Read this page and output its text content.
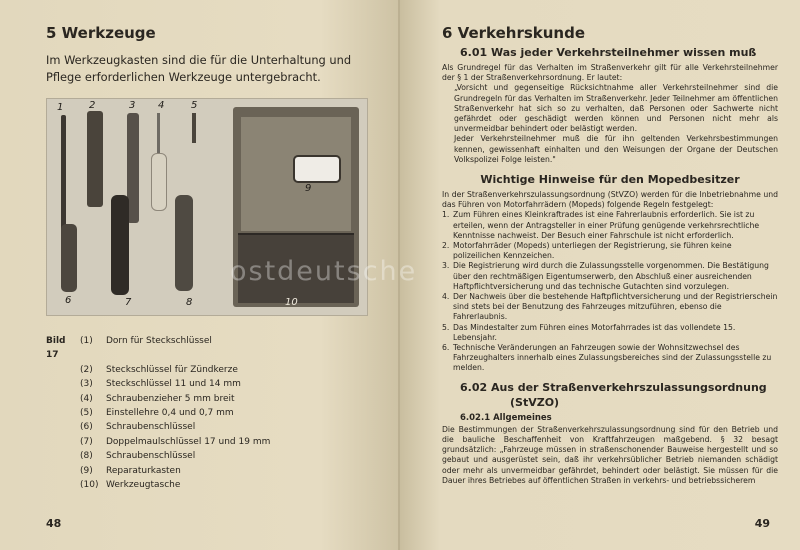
5 Werkzeuge

Im Werkzeugkasten sind die für die Unterhaltung und Pflege erforderlichen Werkzeuge untergebracht.

1	2	3 4	5
6	7	8
9
10
Bild 17
(1)	Dorn für Steckschlüssel
(2)	Steckschlüssel für Zündkerze
(3)	Steckschlüssel 11 und 14 mm
(4)	Schraubenzieher 5 mm breit
(5)	Einstellehre 0,4 und 0,7 mm
(6)	Schraubenschlüssel
(7)	Doppelmaulschlüssel 17 und 19 mm
(8)	Schraubenschlüssel
(9)	Reparaturkasten
(10) Werkzeugtasche
48
6 Verkehrskunde
6.01 Was jeder Verkehrsteilnehmer wissen muß

Als Grundregel für das Verhalten im Straßenverkehr gilt für alle Verkehrsteilnehmer der § 1 der Straßenverkehrsordnung. Er lautet:

„Vorsicht und gegenseitige Rücksichtnahme aller Verkehrsteilnehmer sind die Grundregeln für das Verhalten im Straßenverkehr. Jeder Teilnehmer am öffentlichen Straßenverkehr hat sich so zu verhalten, daß Personen oder Sachwerte nicht gefährdet oder geschädigt werden können und Personen nicht mehr als unvermeidbar behindert oder belästigt werden.

Jeder Verkehrsteilnehmer muß die für ihn geltenden Verkehrsbestimmungen kennen, gewissenhaft einhalten und den Weisungen der Organe der Deutschen Volkspolizei Folge leisten."

Wichtige Hinweise für den Mopedbesitzer

In der Straßenverkehrszulassungsordnung (StVZO) werden für die Inbetriebnahme und das Führen von Motorfahrrädern (Mopeds) folgende Regeln festgelegt:

1. Zum Führen eines Kleinkraftrades ist eine Fahrerlaubnis erforderlich. Sie ist zu erteilen, wenn der Antragsteller in einer Prüfung genügende verkehrsrechtliche Kenntnisse nachweist. Der Besuch einer Fahrschule ist nicht erforderlich.
2. Motorfahrräder (Mopeds) unterliegen der Registrierung, sie führen keine polizeilichen Kennzeichen.
3. Die Registrierung wird durch die Zulassungsstelle vorgenommen. Die Bestätigung über den rechtmäßigen Eigentumserwerb, den Abschluß einer ausreichenden Haftpflichtversicherung und das technische Gutachten sind vorzulegen.
4. Der Nachweis über die bestehende Haftpflichtversicherung und der Registrierschein sind stets bei der Benutzung des Fahrzeuges mitzuführen, ebenso die Fahrerlaubnis.
5. Das Mindestalter zum Führen eines Motorfahrrades ist das vollendete 15. Lebensjahr.
6. Technische Veränderungen an Fahrzeugen sowie der Wohnsitzwechsel des Fahrzeughalters innerhalb eines Zulassungsbereiches sind der Zulassungsstelle zu melden.
6.02 Aus der Straßenverkehrszulassungsordnung
(StVZO)
6.02.1 Allgemeines

Die Bestimmungen der Straßenverkehrszulassungsordnung sind für den Betrieb und die bauliche Beschaffenheit von Kraftfahrzeugen maßgebend. § 32 besagt grundsätzlich: „Fahrzeuge müssen in straßenschonender Bauweise hergestellt und so gebaut und ausgerüstet sein, daß ihr verkehrsüblicher Betrieb niemanden schädigt oder mehr als unvermeidbar gefährdet, behindert oder belästigt. Sie müssen für die Dauer ihres Betriebes auf öffentlichen Straßen in verkehrs- und betriebssicherem

49
ostdeutsche
